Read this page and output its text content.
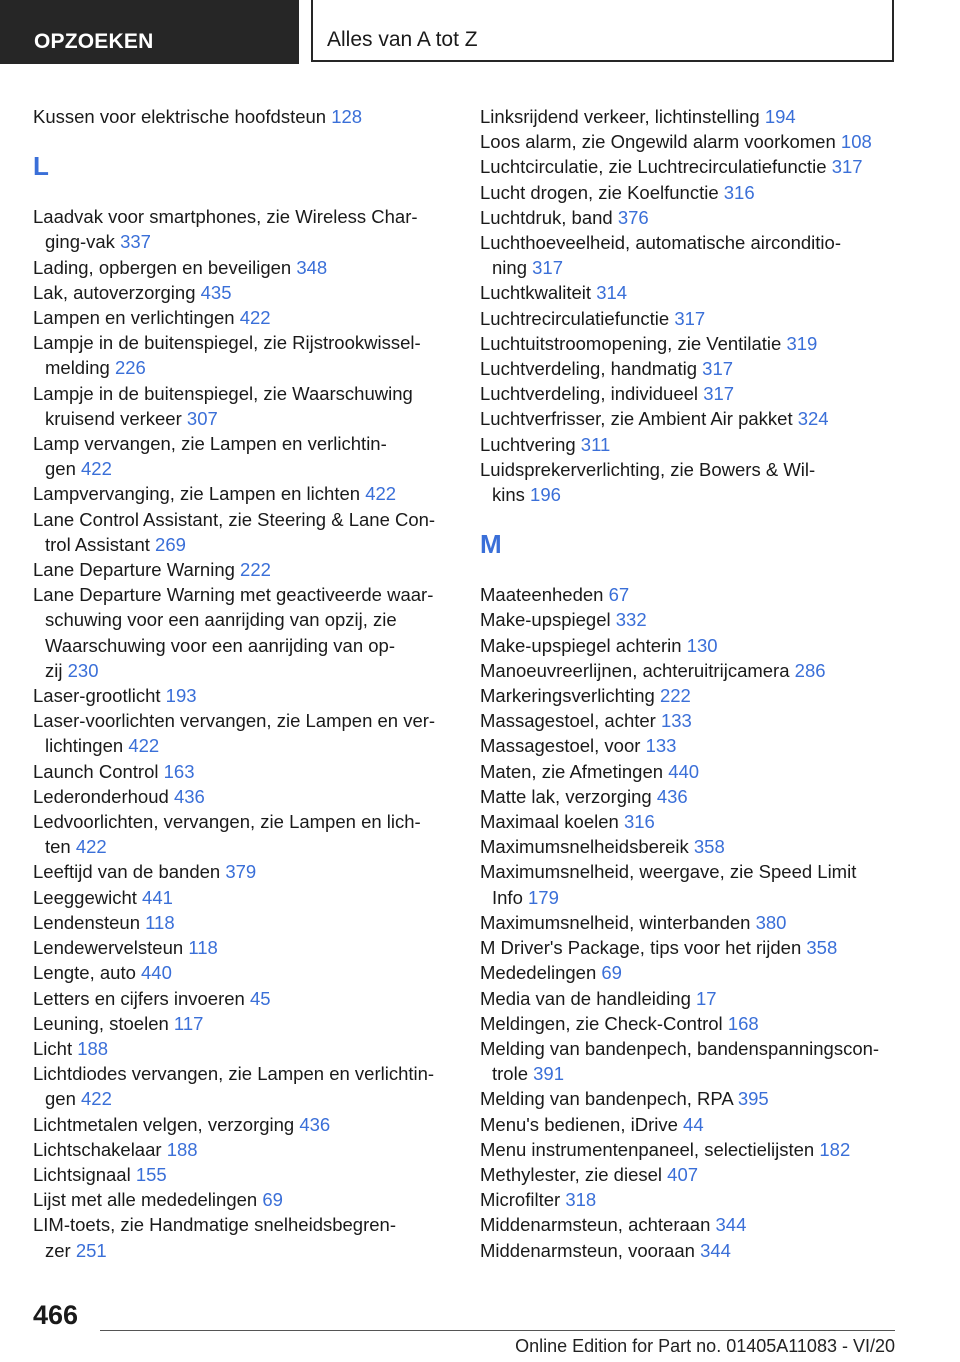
OPZOEKEN	Alles van A tot Z

Kussen voor elektrische hoofdsteun 128

L

Laadvak voor smartphones, zie Wireless Char-
ging-vak 337

Lading, opbergen en beveiligen 348

Lak, autoverzorging 435

Lampen en verlichtingen 422

Lampje in de buitenspiegel, zie Rijstrookwissel-
melding 226

Lampje in de buitenspiegel, zie Waarschuwing
kruisend verkeer 307

Lamp vervangen, zie Lampen en verlichtin-
gen 422

Lampvervanging, zie Lampen en lichten 422

Lane Control Assistant, zie Steering & Lane Con-
trol Assistant 269

Lane Departure Warning 222

Lane Departure Warning met geactiveerde waar-
schuwing voor een aanrijding van opzij, zie
Waarschuwing voor een aanrijding van op-
zij 230

Laser-grootlicht 193

Laser-voorlichten vervangen, zie Lampen en ver-
lichtingen 422

Launch Control 163

Lederonderhoud 436

Ledvoorlichten, vervangen, zie Lampen en lich-
ten 422

Leeftijd van de banden 379

Leeggewicht 441

Lendensteun 118

Lendewervelsteun 118

Lengte, auto 440

Letters en cijfers invoeren 45

Leuning, stoelen 117

Licht 188

Lichtdiodes vervangen, zie Lampen en verlichtin-
gen 422

Lichtmetalen velgen, verzorging 436

Lichtschakelaar 188

Lichtsignaal 155

Lijst met alle mededelingen 69

LIM-toets, zie Handmatige snelheidsbegren-
zer 251

Linksrijdend verkeer, lichtinstelling 194

Loos alarm, zie Ongewild alarm voorkomen 108

Luchtcirculatie, zie Luchtrecirculatiefunctie 317

Lucht drogen, zie Koelfunctie 316

Luchtdruk, band 376

Luchthoeveelheid, automatische airconditio-
ning 317

Luchtkwaliteit 314

Luchtrecirculatiefunctie 317

Luchtuitstroomopening, zie Ventilatie 319

Luchtverdeling, handmatig 317

Luchtverdeling, individueel 317

Luchtverfrisser, zie Ambient Air pakket 324

Luchtvering 311

Luidsprekerverlichting, zie Bowers & Wil-
kins 196

M

Maateenheden 67

Make-upspiegel 332

Make-upspiegel achterin 130

Manoeuvreerlijnen, achteruitrijcamera 286

Markeringsverlichting 222

Massagestoel, achter 133

Massagestoel, voor 133

Maten, zie Afmetingen 440

Matte lak, verzorging 436

Maximaal koelen 316

Maximumsnelheidsbereik 358

Maximumsnelheid, weergave, zie Speed Limit
Info 179

Maximumsnelheid, winterbanden 380

M Driver's Package, tips voor het rijden 358

Mededelingen 69

Media van de handleiding 17

Meldingen, zie Check-Control 168

Melding van bandenpech, bandenspanningscon-
trole 391

Melding van bandenpech, RPA 395

Menu's bedienen, iDrive 44

Menu instrumentenpaneel, selectielijsten 182

Methylester, zie diesel 407

Microfilter 318

Middenarmsteun, achteraan 344

Middenarmsteun, vooraan 344

466
Online Edition for Part no. 01405A11083 - VI/20
